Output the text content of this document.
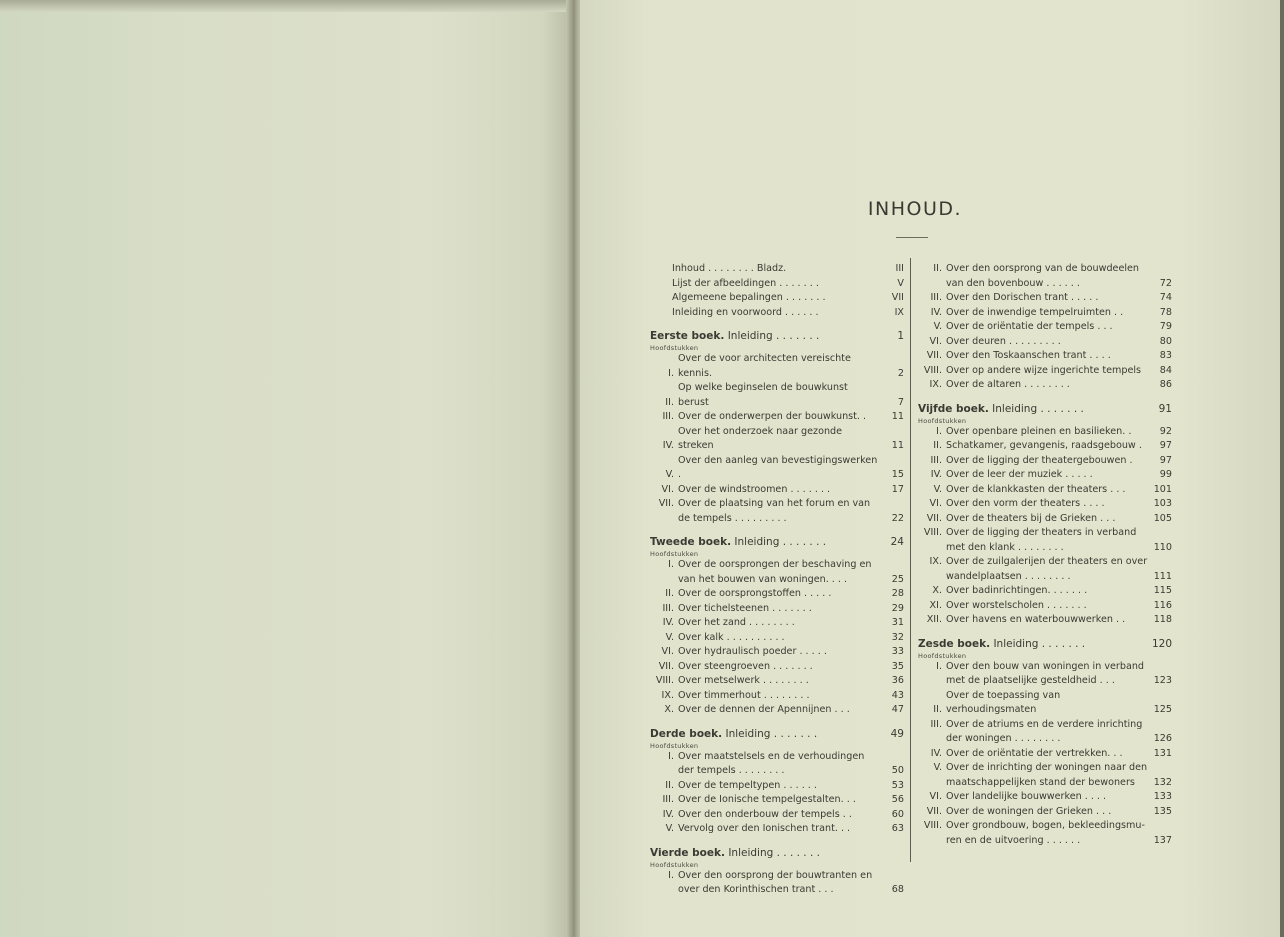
INHOUD.
Inhoud . . . . . . . . Bladz.	III
Lijst der afbeeldingen . . . . . . .	V
Algemeene bepalingen . . . . . . .	VII
Inleiding en voorwoord . . . . . .	IX
Eerste boek. Inleiding . . . . . . .	1
Hoofdstukken
I.
Over de voor architecten vereischte kennis.	2
II.
Op welke beginselen de bouwkunst berust	7
III. Over de onderwerpen der bouwkunst. .	11
IV.
Over het onderzoek naar gezonde streken	11
V.
Over den aanleg van bevestigingswerken .	15
VI. Over de windstroomen . . . . . . .	17
VII. Over de plaatsing van het forum en van
de tempels . . . . . . . . .	22
Tweede boek. Inleiding . . . . . . .	24
Hoofdstukken
I. Over de oorsprongen der beschaving en
van het bouwen van woningen. . . .	25
II. Over de oorsprongstoffen . . . . .	28
III. Over tichelsteenen . . . . . . .	29
IV. Over het zand . . . . . . . .	31
V. Over kalk . . . . . . . . . .	32
VI. Over hydraulisch poeder . . . . .	33
VII. Over steengroeven . . . . . . .	35
VIII. Over metselwerk . . . . . . . .	36
IX. Over timmerhout . . . . . . . .	43
X. Over de dennen der Apennijnen . . .	47
Derde boek. Inleiding . . . . . . .	49
Hoofdstukken
I. Over maatstelsels en de verhoudingen
der tempels . . . . . . . .	50
II. Over de tempeltypen . . . . . .	53
III. Over de Ionische tempelgestalten. . .	56
IV. Over den onderbouw der tempels . .	60
V. Vervolg over den Ionischen trant. . .	63
Vierde boek. Inleiding . . . . . . .
Hoofdstukken
I. Over den oorsprong der bouwtranten en
over den Korinthischen trant . . .	68
II. Over den oorsprong van de bouwdeelen
van den bovenbouw . . . . . .	72
III. Over den Dorischen trant . . . . .	74
IV. Over de inwendige tempelruimten . .	78
V. Over de oriëntatie der tempels . . .	79
VI. Over deuren . . . . . . . . .	80
VII. Over den Toskaanschen trant . . . .	83
VIII. Over op andere wijze ingerichte tempels	84
IX. Over de altaren . . . . . . . .	86
Vijfde boek. Inleiding . . . . . . .	91
Hoofdstukken
I. Over openbare pleinen en basilieken. .	92
II. Schatkamer, gevangenis, raadsgebouw .	97
III. Over de ligging der theatergebouwen .	97
IV. Over de leer der muziek . . . . .	99
V. Over de klankkasten der theaters . . .	101
VI. Over den vorm der theaters . . . .	103
VII. Over de theaters bij de Grieken . . .	105
VIII. Over de ligging der theaters in verband
met den klank . . . . . . . .	110
IX. Over de zuilgalerijen der theaters en over
wandelplaatsen . . . . . . . .	111
X. Over badinrichtingen. . . . . . .	115
XI. Over worstelscholen . . . . . . .	116
XII. Over havens en waterbouwwerken . .	118
Zesde boek. Inleiding . . . . . . .	120
Hoofdstukken
I. Over den bouw van woningen in verband
met de plaatselijke gesteldheid . . .	123
II.
Over de toepassing van verhoudingsmaten	125
III. Over de atriums en de verdere inrichting
der woningen . . . . . . . .	126
IV. Over de oriëntatie der vertrekken. . .	131
V. Over de inrichting der woningen naar den
maatschappelijken stand der bewoners	132
VI. Over landelijke bouwwerken . . . .	133
VII. Over de woningen der Grieken . . .	135
VIII. Over grondbouw, bogen, bekleedingsmu-
ren en de uitvoering . . . . . .	137
